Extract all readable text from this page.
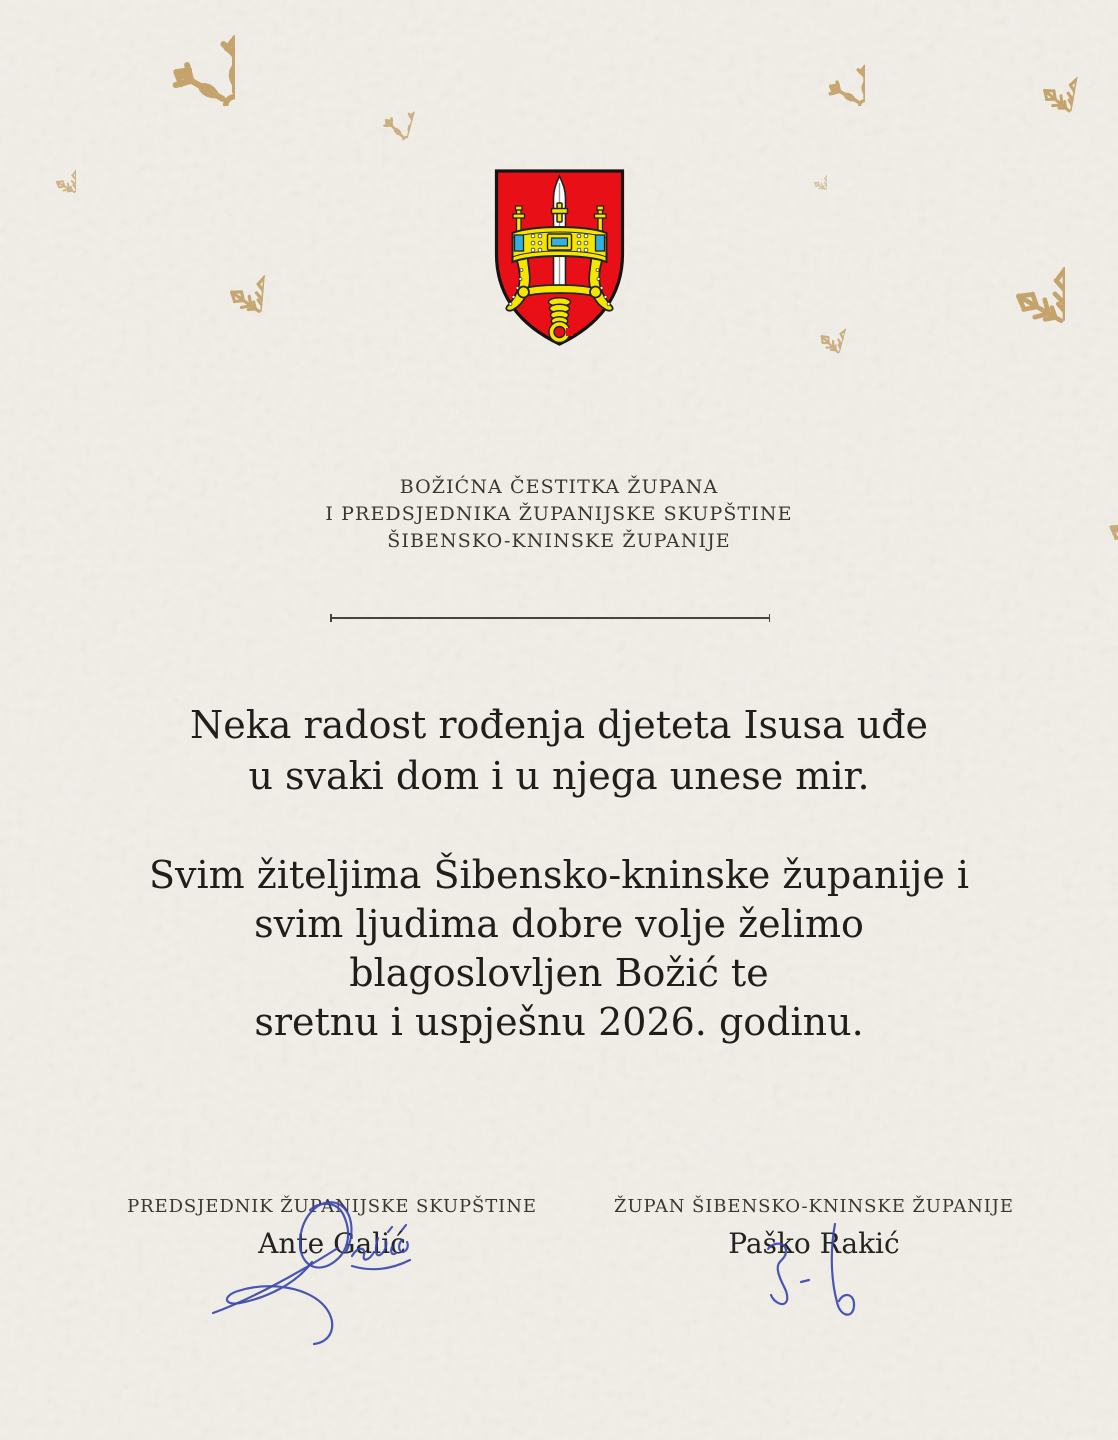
BOŽIĆNA ČESTITKA ŽUPANA
I PREDSJEDNIKA ŽUPANIJSKE SKUPŠTINE
ŠIBENSKO-KNINSKE ŽUPANIJE
Neka radost rođenja djeteta Isusa uđe
u svaki dom i u njega unese mir.
Svim žiteljima Šibensko-kninske županije i
svim ljudima dobre volje želimo
blagoslovljen Božić te
sretnu i uspješnu 2026. godinu.
PREDSJEDNIK ŽUPANIJSKE SKUPŠTINE
Ante Galić
ŽUPAN ŠIBENSKO-KNINSKE ŽUPANIJE
Paško Rakić
